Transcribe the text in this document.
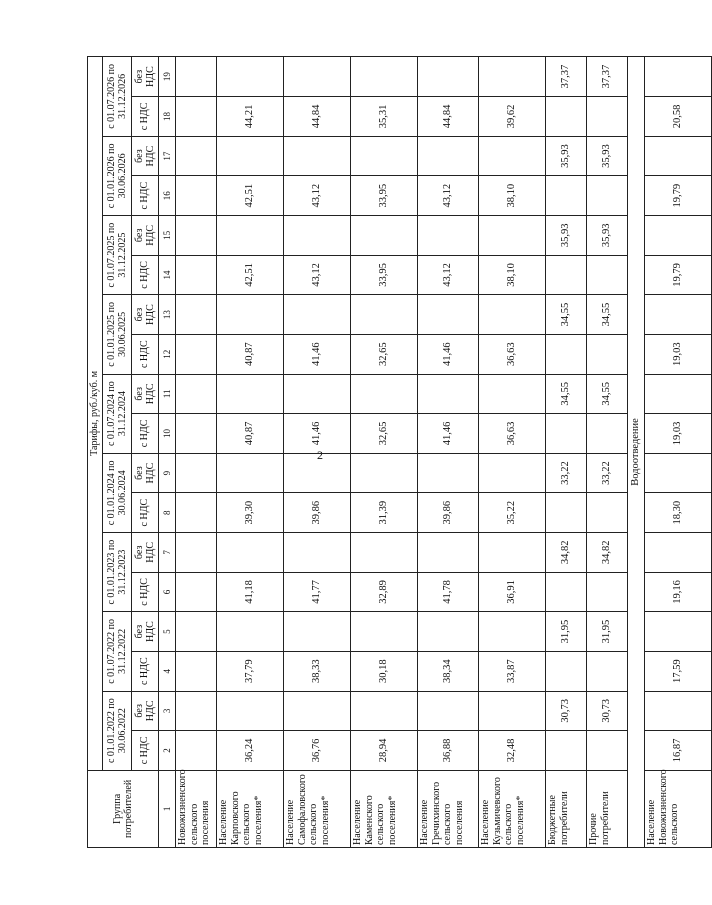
2
Группа потребителей	Тарифы, руб./куб. м																	
	с 01.01.2022 по 30.06.2022		с 01.07.2022 по 31.12.2022		с 01.01.2023 по 31.12.2023		с 01.01.2024 по 30.06.2024		с 01.07.2024 по 31.12.2024		с 01.01.2025 по 30.06.2025		с 01.07.2025 по 31.12.2025		с 01.01.2026 по 30.06.2026		с 01.07.2026 по 31.12.2026	
	с НДС	без НДС	с НДС	без НДС	с НДС	без НДС	с НДС	без НДС	с НДС	без НДС	с НДС	без НДС	с НДС	без НДС	с НДС	без НДС	с НДС	без НДС
1	2	3	4	5	6	7	8	9	10	11	12	13	14	15	16	17	18	19
Новожизненского сельского поселения																		
Население Карповского сельского поселения*	36,24		37,79		41,18		39,30		40,87		40,87		42,51		42,51		44,21	
Население Самофаловского сельского поселения*	36,76		38,33		41,77		39,86		41,46		41,46		43,12		43,12		44,84	
Население Каменского сельского поселения*	28,94		30,18		32,89		31,39		32,65		32,65		33,95		33,95		35,31	
Население Гречихинского сельского поселения	36,88		38,34		41,78		39,86		41,46		41,46		43,12		43,12		44,84	
Население Кузьмичевского сельского поселения*	32,48		33,87		36,91		35,22		36,63		36,63		38,10		38,10		39,62	
Бюджетные потребители		30,73		31,95		34,82		33,22		34,55		34,55		35,93		35,93		37,37
Прочие потребители		30,73		31,95		34,82		33,22		34,55		34,55		35,93		35,93		37,37
Водоотведение																		
Население Новожизненского сельского	16,87		17,59		19,16		18,30		19,03		19,03		19,79		19,79		20,58	
